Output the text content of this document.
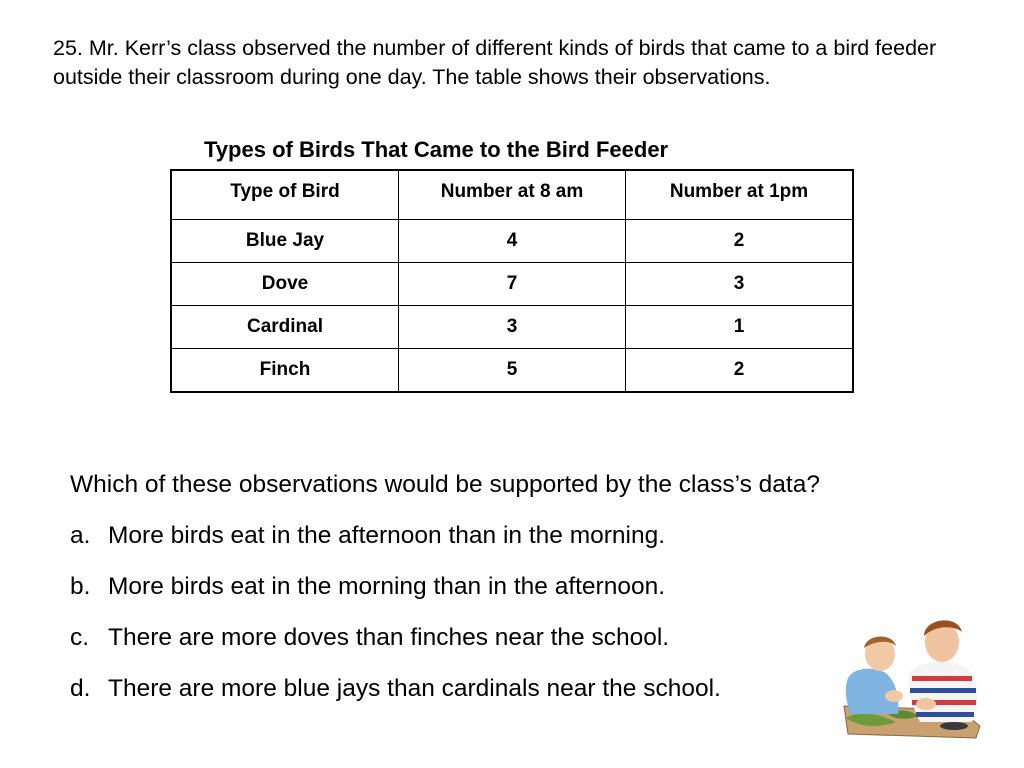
25. Mr. Kerr’s class observed the number of different kinds of birds that came to a bird feeder outside their classroom during one day. The table shows their observations.
Types of Birds That Came to the Bird Feeder
Type of Bird	Number at 8 am	Number at 1pm
Blue Jay	4	2
Dove	7	3
Cardinal	3	1
Finch	5	2
Which of these observations would be supported by the class’s data?
a. More birds eat in the afternoon than in the morning.
b. More birds eat in the morning than in the afternoon.
c. There are more doves than finches near the school.
d. There are more blue jays than cardinals near the school.
